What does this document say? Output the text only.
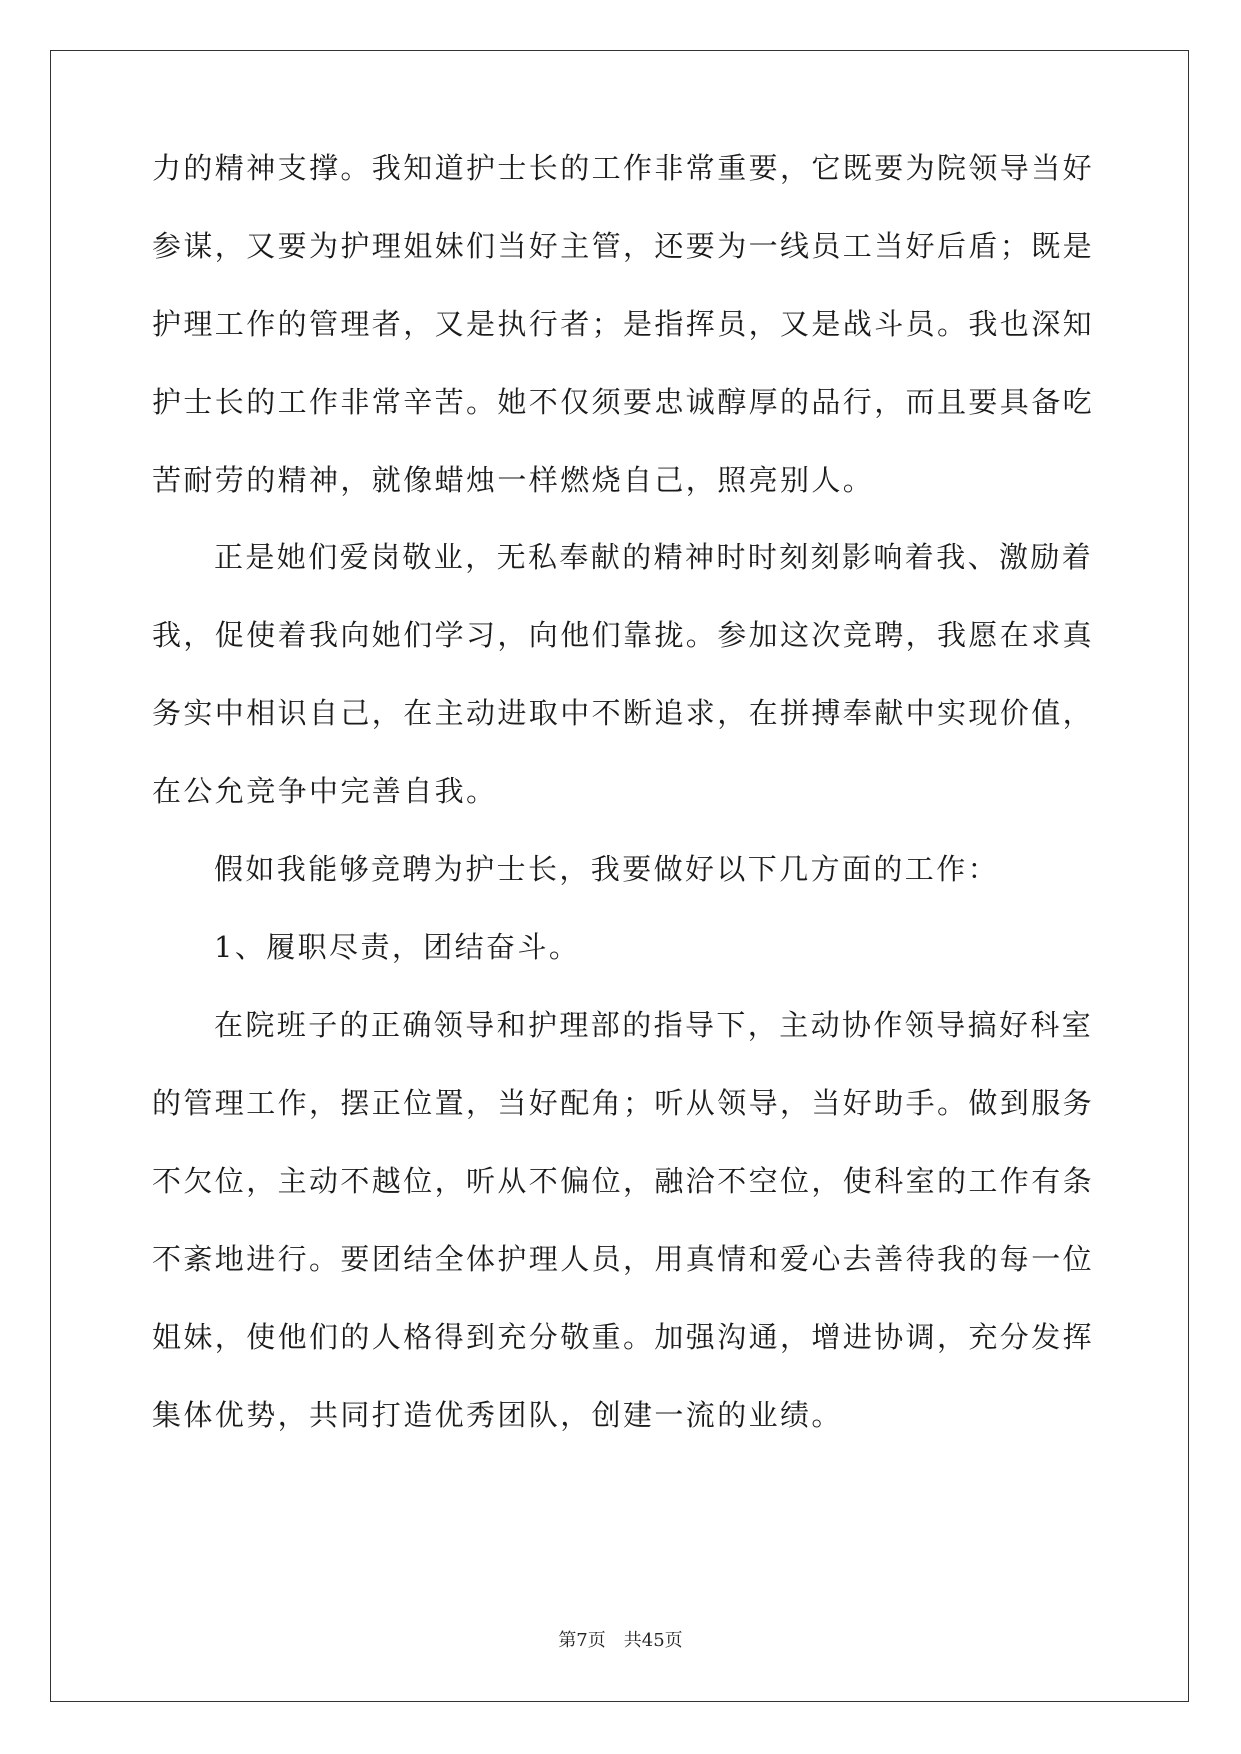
力的精神支撑。我知道护士长的工作非常重要，它既要为院领导当好
参谋，又要为护理姐妹们当好主管，还要为一线员工当好后盾；既是
护理工作的管理者，又是执行者；是指挥员，又是战斗员。我也深知
护士长的工作非常辛苦。她不仅须要忠诚醇厚的品行，而且要具备吃
苦耐劳的精神，就像蜡烛一样燃烧自己，照亮别人。
正是她们爱岗敬业，无私奉献的精神时时刻刻影响着我、激励着
我，促使着我向她们学习，向他们靠拢。参加这次竞聘，我愿在求真
务实中相识自己，在主动进取中不断追求，在拼搏奉献中实现价值，
在公允竞争中完善自我。
假如我能够竞聘为护士长，我要做好以下几方面的工作：
1、履职尽责，团结奋斗。
在院班子的正确领导和护理部的指导下，主动协作领导搞好科室
的管理工作，摆正位置，当好配角；听从领导，当好助手。做到服务
不欠位，主动不越位，听从不偏位，融洽不空位，使科室的工作有条
不紊地进行。要团结全体护理人员，用真情和爱心去善待我的每一位
姐妹，使他们的人格得到充分敬重。加强沟通，增进协调，充分发挥
集体优势，共同打造优秀团队，创建一流的业绩。
第7页 共45页
